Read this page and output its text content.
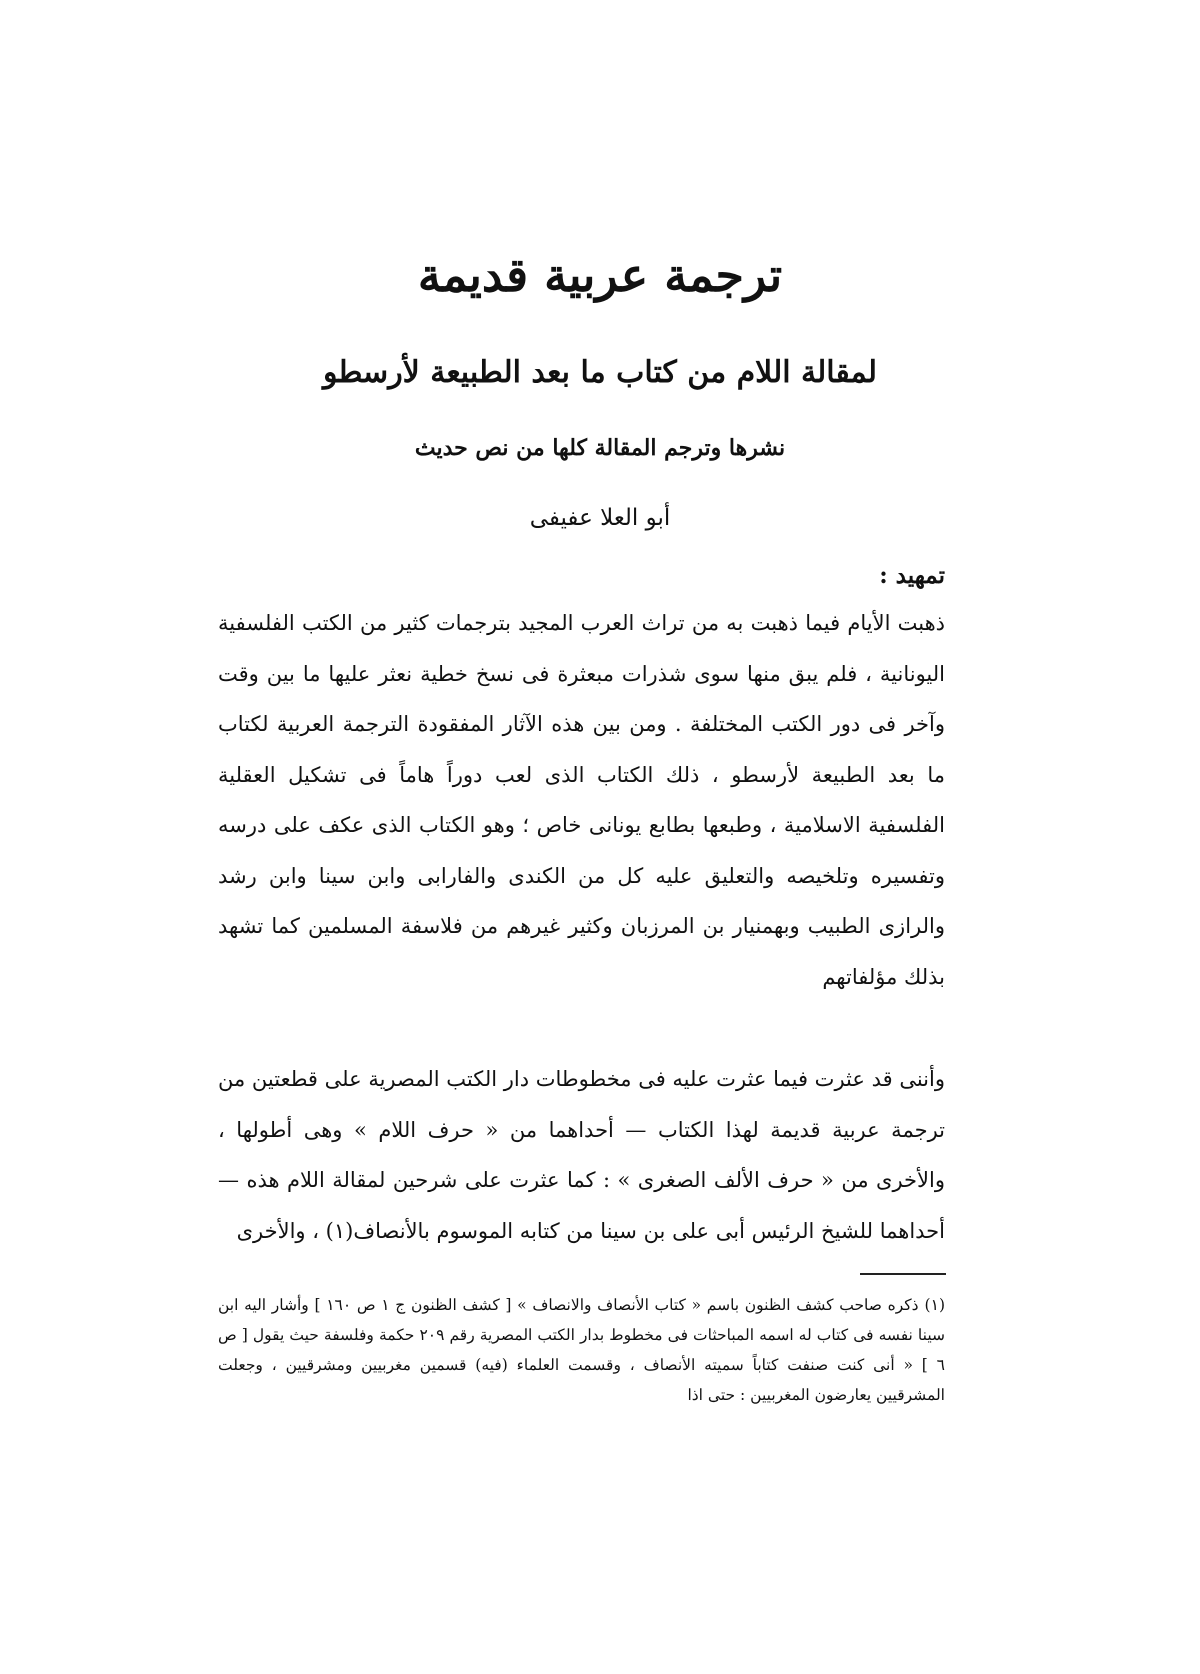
ترجمة عربية قديمة
لمقالة اللام من كتاب ما بعد الطبيعة لأرسطو
نشرها وترجم المقالة كلها من نص حديث
أبو العلا عفيفى
تمهيد :

ذهبت الأيام فيما ذهبت به من تراث العرب المجيد بترجمات كثير من الكتب الفلسفية اليونانية ، فلم يبق منها سوى شذرات مبعثرة فى نسخ خطية نعثر عليها ما بين وقت وآخر فى دور الكتب المختلفة . ومن بين هذه الآثار المفقودة الترجمة العربية لكتاب ما بعد الطبيعة لأرسطو ، ذلك الكتاب الذى لعب دوراً هاماً فى تشكيل العقلية الفلسفية الاسلامية ، وطبعها بطابع يونانى خاص ؛ وهو الكتاب الذى عكف على درسه وتفسيره وتلخيصه والتعليق عليه كل من الكندى والفارابى وابن سينا وابن رشد والرازى الطبيب وبهمنيار بن المرزبان وكثير غيرهم من فلاسفة المسلمين كما تشهد بذلك مؤلفاتهم

وأننى قد عثرت فيما عثرت عليه فى مخطوطات دار الكتب المصرية على قطعتين من ترجمة عربية قديمة لهذا الكتاب — أحداهما من « حرف اللام » وهى أطولها ، والأخرى من « حرف الألف الصغرى » : كما عثرت على شرحين لمقالة اللام هذه — أحداهما للشيخ الرئيس أبى على بن سينا من كتابه الموسوم بالأنصاف(١) ، والأخرى

(١)ذكره صاحب كشف الظنون باسم « كتاب الأنصاف والانصاف » [ كشف الظنون ج ١ ص ١٦٠ ] وأشار اليه ابن سينا نفسه فى كتاب له اسمه المباحثات فى مخطوط بدار الكتب المصرية رقم ٢٠٩ حكمة وفلسفة حيث يقول [ ص ٦ ] « أنى كنت صنفت كتاباً سميته الأنصاف ، وقسمت العلماء (فيه) قسمين مغربيين ومشرقيين ، وجعلت المشرقيين يعارضون المغربيين : حتى اذا
